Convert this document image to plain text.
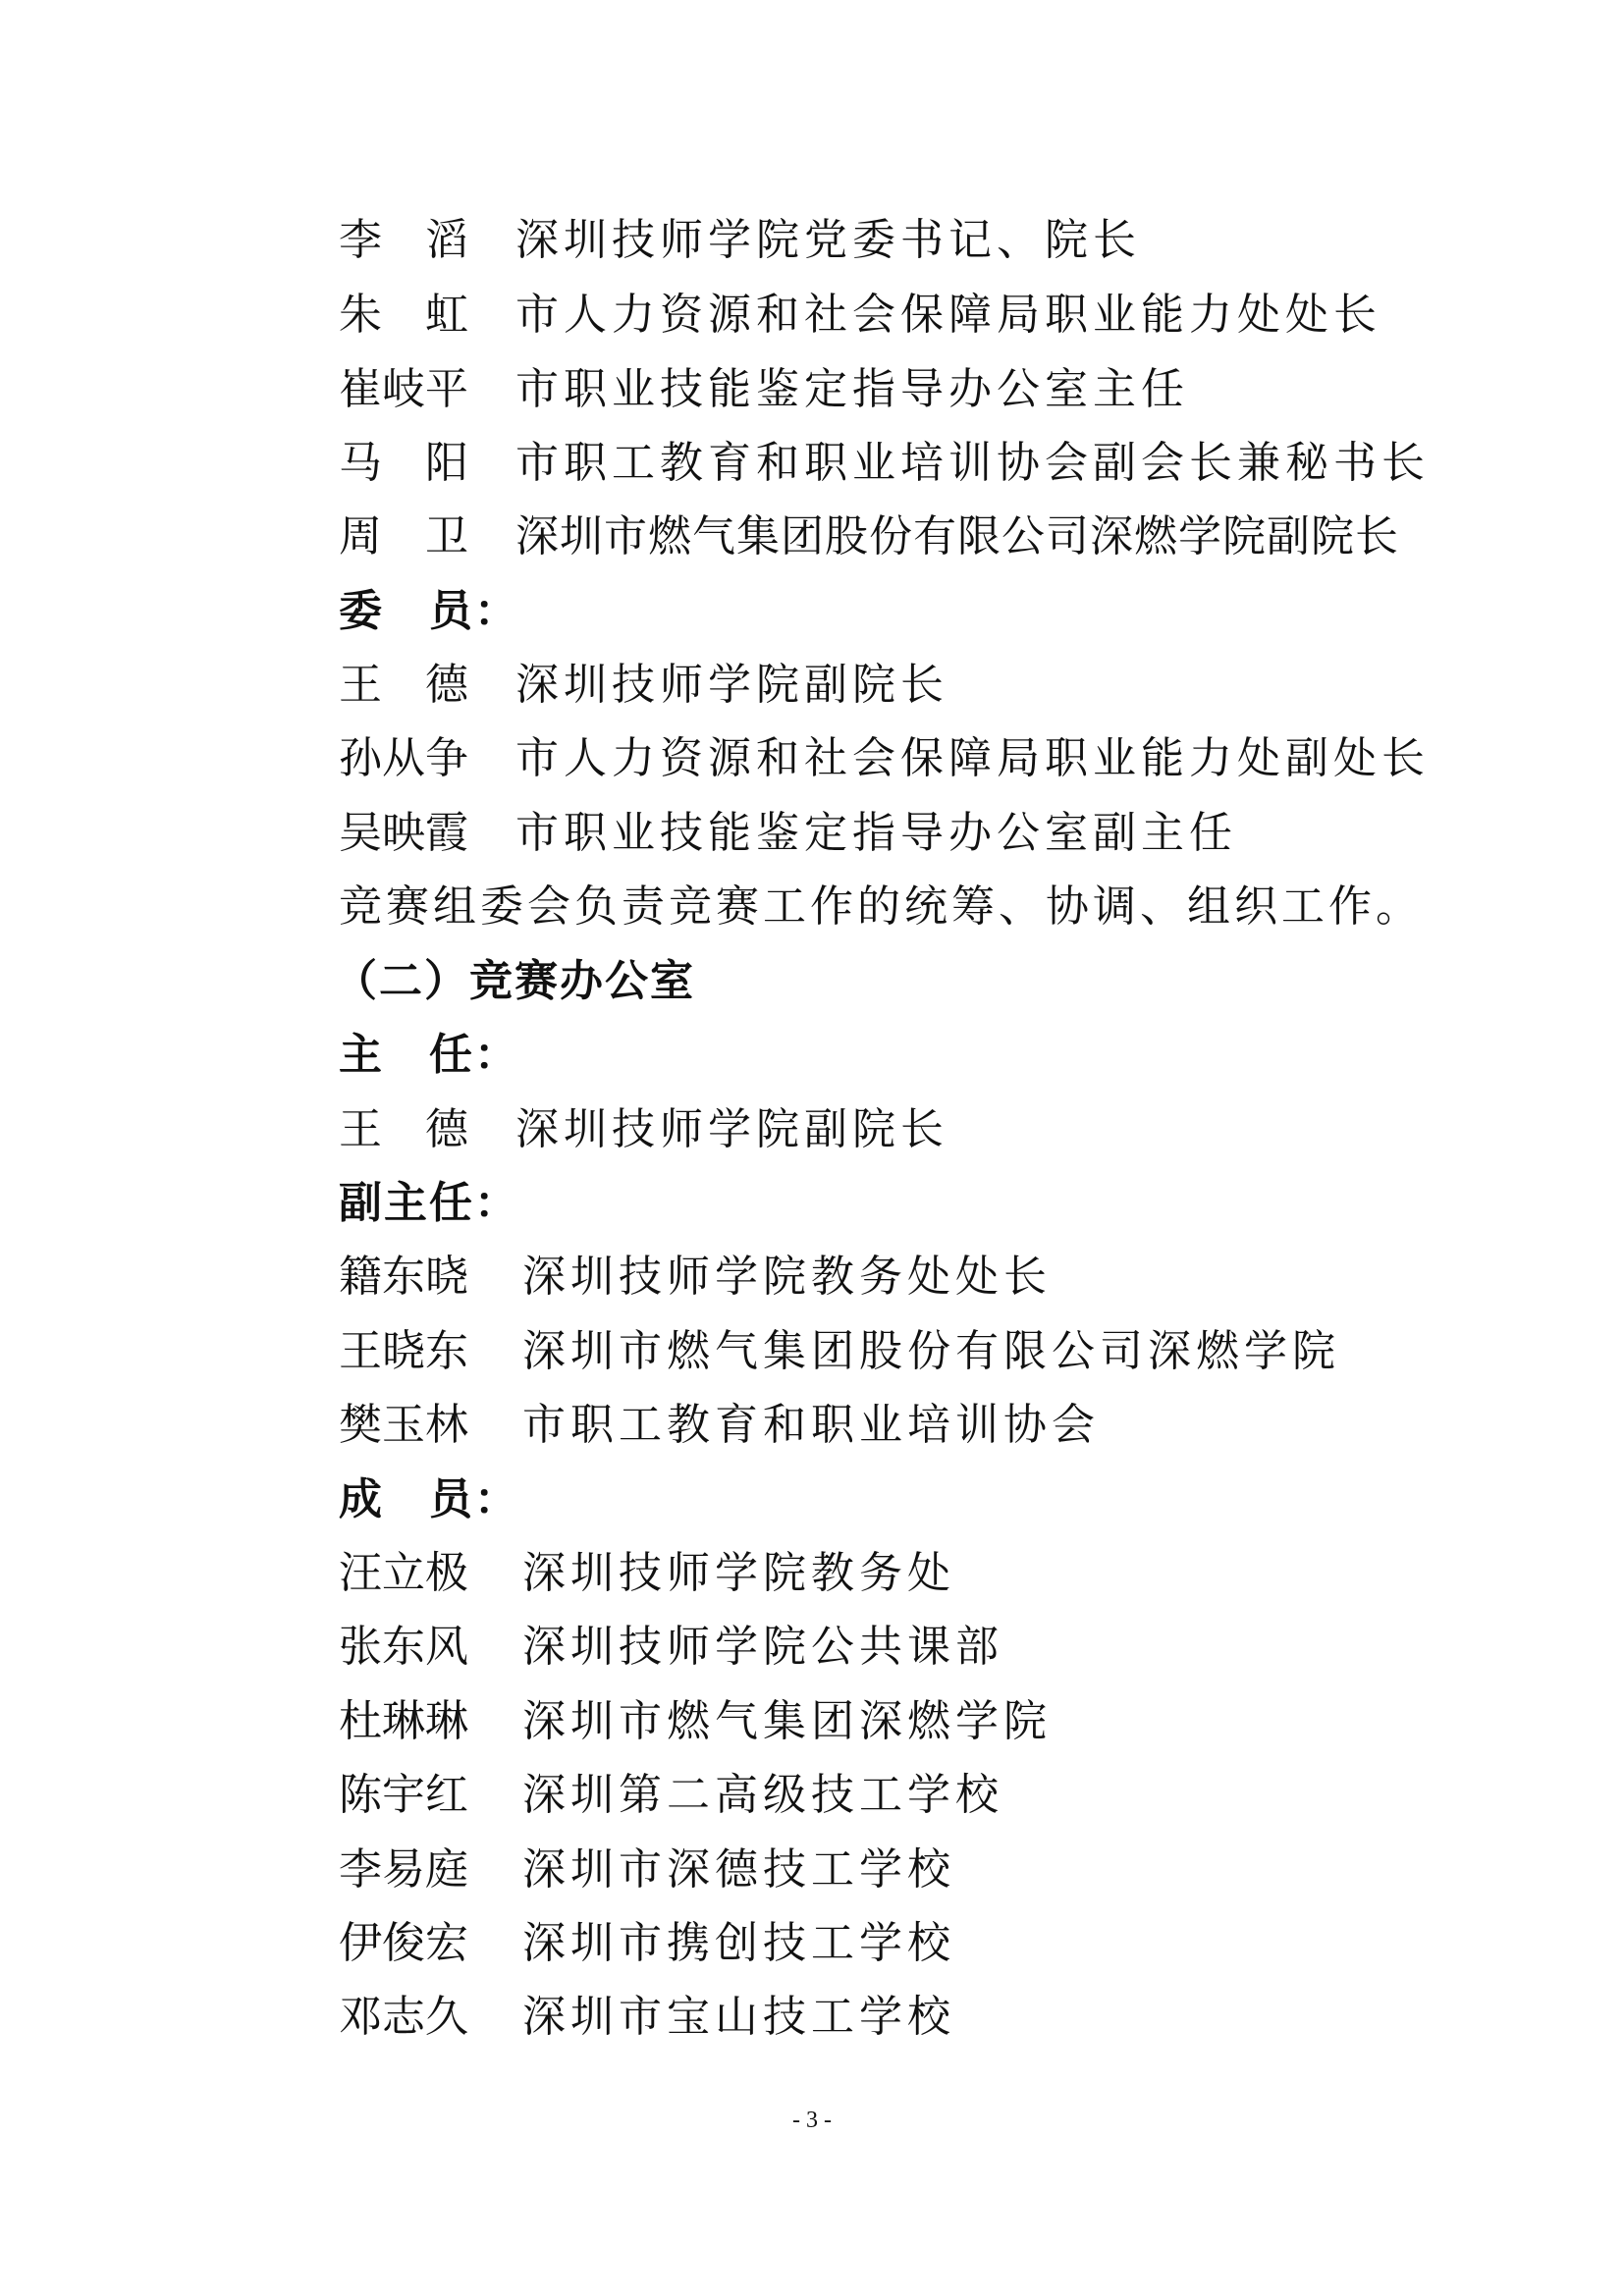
李　滔 深圳技师学院党委书记、院长
朱　虹 市人力资源和社会保障局职业能力处处长
崔岐平 市职业技能鉴定指导办公室主任
马　阳 市职工教育和职业培训协会副会长兼秘书长
周　卫 深圳市燃气集团股份有限公司深燃学院副院长
委　员：
王　德 深圳技师学院副院长
孙从争 市人力资源和社会保障局职业能力处副处长
吴映霞 市职业技能鉴定指导办公室副主任
竞赛组委会负责竞赛工作的统筹、协调、组织工作。
（二）竞赛办公室
主　任：
王　德 深圳技师学院副院长
副主任：
籍东晓 深圳技师学院教务处处长
王晓东 深圳市燃气集团股份有限公司深燃学院
樊玉林 市职工教育和职业培训协会
成　员：
汪立极 深圳技师学院教务处
张东风 深圳技师学院公共课部
杜琳琳 深圳市燃气集团深燃学院
陈宇红 深圳第二高级技工学校
李易庭 深圳市深德技工学校
伊俊宏 深圳市携创技工学校
邓志久 深圳市宝山技工学校
- 3 -
